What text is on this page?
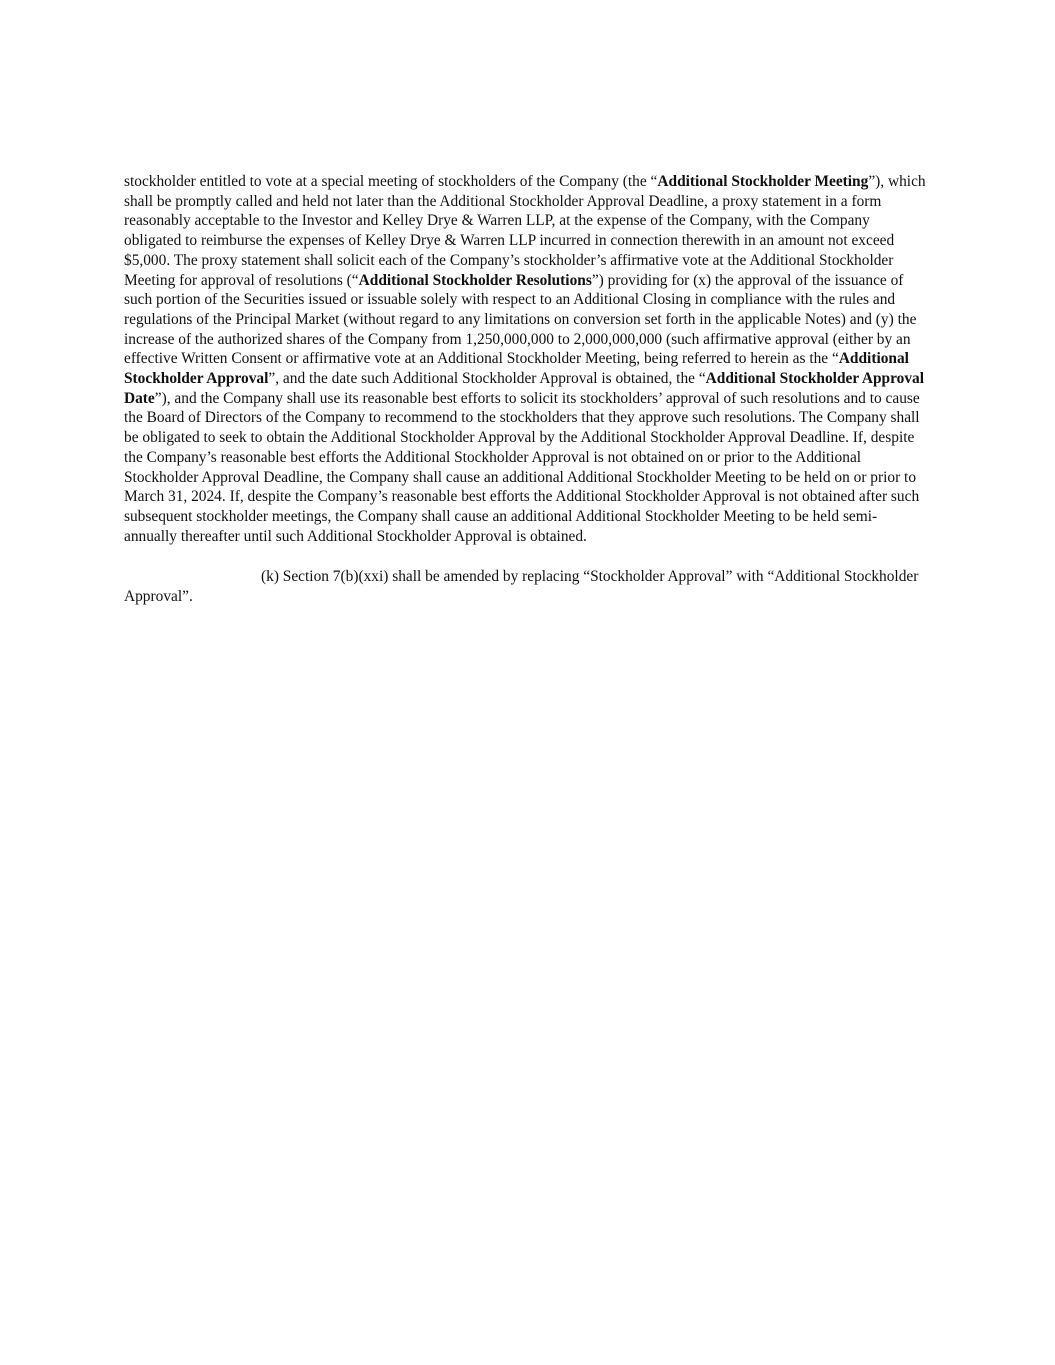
stockholder entitled to vote at a special meeting of stockholders of the Company (the “Additional Stockholder Meeting”), which shall be promptly called and held not later than the Additional Stockholder Approval Deadline, a proxy statement in a form reasonably acceptable to the Investor and Kelley Drye & Warren LLP, at the expense of the Company, with the Company obligated to reimburse the expenses of Kelley Drye & Warren LLP incurred in connection therewith in an amount not exceed $5,000. The proxy statement shall solicit each of the Company’s stockholder’s affirmative vote at the Additional Stockholder Meeting for approval of resolutions (“Additional Stockholder Resolutions”) providing for (x) the approval of the issuance of such portion of the Securities issued or issuable solely with respect to an Additional Closing in compliance with the rules and regulations of the Principal Market (without regard to any limitations on conversion set forth in the applicable Notes) and (y) the increase of the authorized shares of the Company from 1,250,000,000 to 2,000,000,000 (such affirmative approval (either by an effective Written Consent or affirmative vote at an Additional Stockholder Meeting, being referred to herein as the “Additional Stockholder Approval”, and the date such Additional Stockholder Approval is obtained, the “Additional Stockholder Approval Date”), and the Company shall use its reasonable best efforts to solicit its stockholders’ approval of such resolutions and to cause the Board of Directors of the Company to recommend to the stockholders that they approve such resolutions. The Company shall be obligated to seek to obtain the Additional Stockholder Approval by the Additional Stockholder Approval Deadline. If, despite the Company’s reasonable best efforts the Additional Stockholder Approval is not obtained on or prior to the Additional Stockholder Approval Deadline, the Company shall cause an additional Additional Stockholder Meeting to be held on or prior to March 31, 2024. If, despite the Company’s reasonable best efforts the Additional Stockholder Approval is not obtained after such subsequent stockholder meetings, the Company shall cause an additional Additional Stockholder Meeting to be held semi-annually thereafter until such Additional Stockholder Approval is obtained.

(k) Section 7(b)(xxi) shall be amended by replacing “Stockholder Approval” with “Additional Stockholder Approval”.
